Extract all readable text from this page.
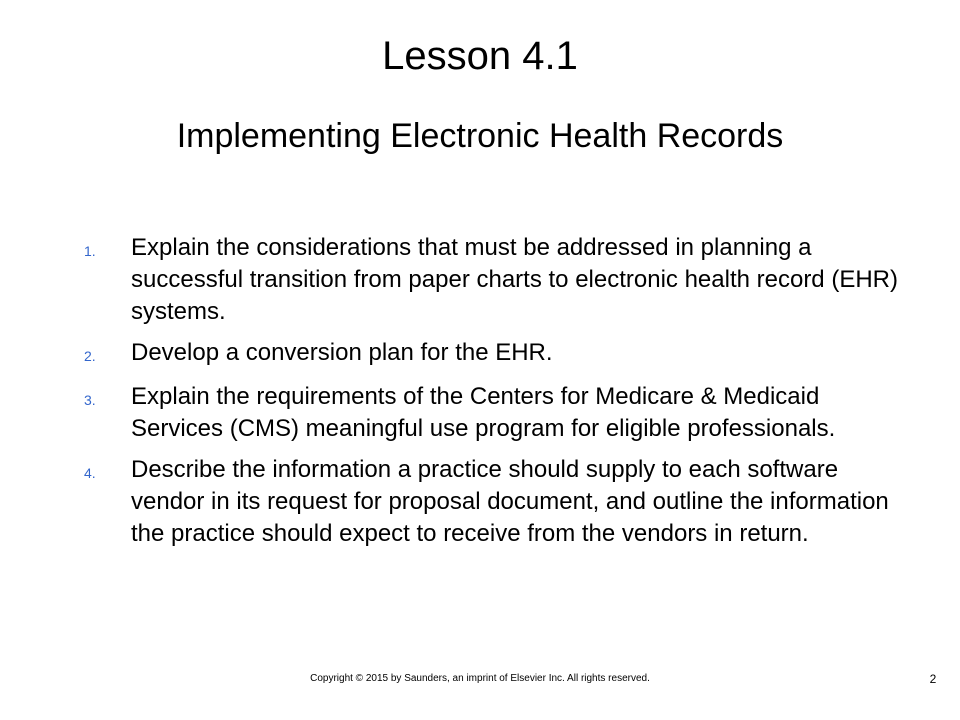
Lesson 4.1
Implementing Electronic Health Records
1.	Explain the considerations that must be addressed in planning a successful transition from paper charts to electronic health record (EHR) systems.
2.	Develop a conversion plan for the EHR.
3.	Explain the requirements of the Centers for Medicare & Medicaid Services (CMS) meaningful use program for eligible professionals.
4.	Describe the information a practice should supply to each software vendor in its request for proposal document, and outline the information the practice should expect to receive from the vendors in return.
Copyright © 2015 by Saunders, an imprint of Elsevier Inc. All rights reserved.	2
